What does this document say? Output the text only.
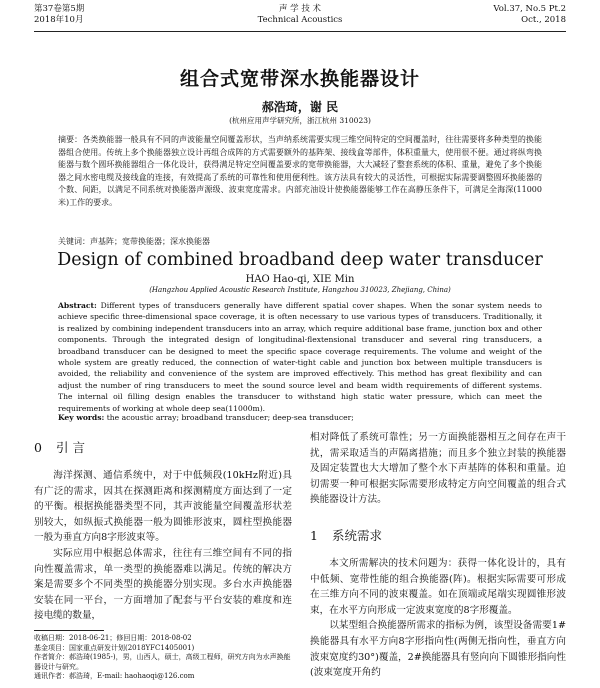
第37卷第5期
2018年10月
声 学 技 术
Technical Acoustics
Vol.37, No.5 Pt.2
Oct., 2018
组合式宽带深水换能器设计
郝浩琦，谢 民
(杭州应用声学研究所，浙江杭州 310023)
摘要：各类换能器一般具有不同的声波能量空间覆盖形状，当声纳系统需要实现三维空间特定的空间覆盖时，往往需要将多种类型的换能器组合使用。传统上多个换能器独立设计再组合成阵的方式需要额外的基阵架、接线盒等部件，体积重量大，使用很不便。通过将纵弯换能器与数个圆环换能器组合一体化设计，获得满足特定空间覆盖要求的宽带换能器，大大减轻了整套系统的体积、重量，避免了多个换能器之间水密电缆及接线盒的连接，有效提高了系统的可靠性和使用便利性。该方法具有较大的灵活性，可根据实际需要调整圆环换能器的个数、间距，以满足不同系统对换能器声源级、波束宽度需求。内部充油设计使换能器能够工作在高静压条件下，可满足全海深(11000米)工作的要求。
关键词：声基阵；宽带换能器；深水换能器
Design of combined broadband deep water transducer
HAO Hao-qi, XIE Min
(Hangzhou Applied Acoustic Research Institute, Hangzhou 310023, Zhejiang, China)
Abstract: Different types of transducers generally have different spatial cover shapes. When the sonar system needs to achieve specific three-dimensional space coverage, it is often necessary to use various types of transducers. Traditionally, it is realized by combining independent transducers into an array, which require additional base frame, junction box and other components. Through the integrated design of longitudinal-flextensional transducer and several ring transducers, a broadband transducer can be designed to meet the specific space coverage requirements. The volume and weight of the whole system are greatly reduced, the connection of water-tight cable and junction box between multiple transducers is avoided, the reliability and convenience of the system are improved effectively. This method has great flexibility and can adjust the number of ring transducers to meet the sound source level and beam width requirements of different systems. The internal oil filling design enables the transducer to withstand high static water pressure, which can meet the requirements of working at whole deep sea(11000m).
Key words: the acoustic array; broadband transducer; deep-sea transducer;
0 引 言

海洋探测、通信系统中，对于中低频段(10kHz附近)具有广泛的需求，因其在探测距离和探测精度方面达到了一定的平衡。根据换能器类型不同，其声波能量空间覆盖形状差别较大，如纵振式换能器一般为圆锥形波束，圆柱型换能器一般为垂直方向8字形波束等。

实际应用中根据总体需求，往往有三维空间有不同的指向性覆盖需求，单一类型的换能器难以满足。传统的解决方案是需要多个不同类型的换能器分别实现。多台水声换能器安装在同一平台，一方面增加了配套与平台安装的难度和连接电缆的数量，

相对降低了系统可靠性；另一方面换能器相互之间存在声干扰，需采取适当的声隔离措施；而且多个独立封装的换能器及固定装置也大大增加了整个水下声基阵的体积和重量。迫切需要一种可根据实际需要形成特定方向空间覆盖的组合式换能器设计方法。

1 系统需求

本文所需解决的技术问题为：获得一体化设计的，具有中低频、宽带性能的组合换能器(阵)。根据实际需要可形成在三维方向不同的波束覆盖。如在顶端或尾端实现圆锥形波束，在水平方向形成一定波束宽度的8字形覆盖。

以某型组合换能器所需求的指标为例，该型设备需要1#换能器具有水平方向8字形指向性(两侧无指向性，垂直方向波束宽度约30°)覆盖，2#换能器具有竖向向下圆锥形指向性(波束宽度开角约

收稿日期：2018-06-21；修回日期：2018-08-02

基金项目：国家重点研发计划(2018YFC1405001)

作者简介：郝浩琦(1985-)，男，山西人，硕士，高级工程师，研究方向为水声换能器设计与研究。

通讯作者：郝浩琦，E-mail: haohaoqi@126.com
